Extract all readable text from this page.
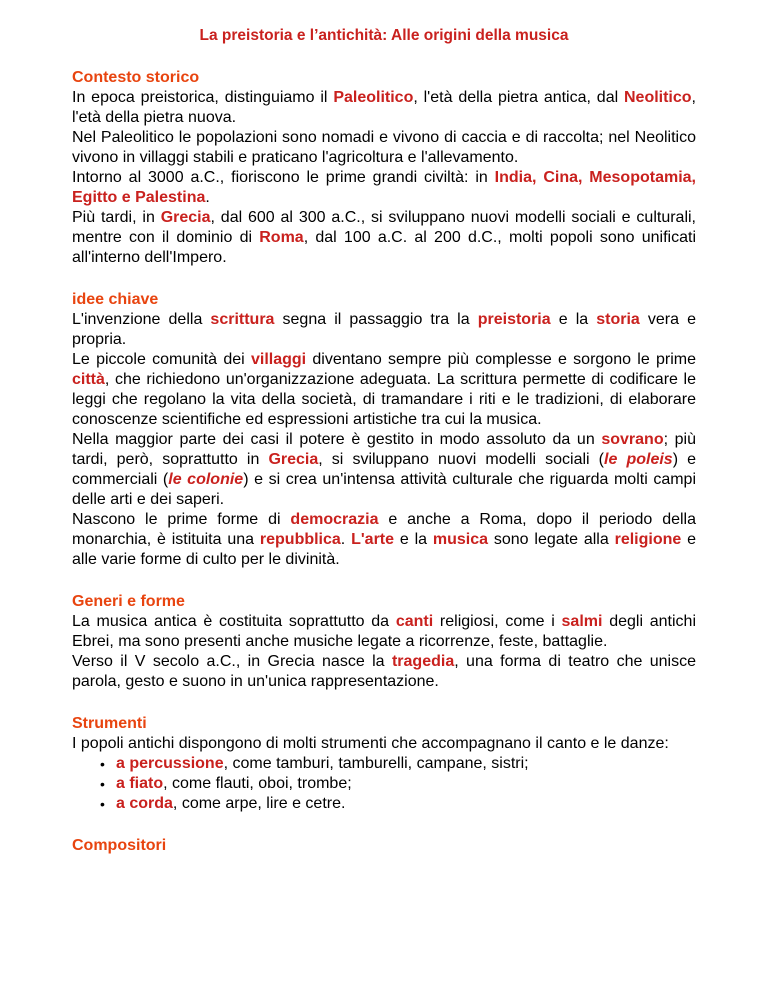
La preistoria e l’antichità: Alle origini della musica
Contesto storico

In epoca preistorica, distinguiamo il Paleolitico, l'età della pietra antica, dal Neolitico, l'età della pietra nuova.

Nel Paleolitico le popolazioni sono nomadi e vivono di caccia e di raccolta; nel Neolitico vivono in villaggi stabili e praticano l'agricoltura e l'allevamento.

Intorno al 3000 a.C., fioriscono le prime grandi civiltà: in India, Cina, Mesopotamia, Egitto e Palestina.

Più tardi, in Grecia, dal 600 al 300 a.C., si sviluppano nuovi modelli sociali e culturali, mentre con il dominio di Roma, dal 100 a.C. al 200 d.C., molti popoli sono unificati all'interno dell'Impero.

idee chiave

L'invenzione della scrittura segna il passaggio tra la preistoria e la storia vera e propria.

Le piccole comunità dei villaggi diventano sempre più complesse e sorgono le prime città, che richiedono un'organizzazione adeguata. La scrittura permette di codificare le leggi che regolano la vita della società, di tramandare i riti e le tradizioni, di elaborare conoscenze scientifiche ed espressioni artistiche tra cui la musica.

Nella maggior parte dei casi il potere è gestito in modo assoluto da un sovrano; più tardi, però, soprattutto in Grecia, si sviluppano nuovi modelli sociali (le poleis) e commerciali (le colonie) e si crea un'intensa attività culturale che riguarda molti campi delle arti e dei saperi.

Nascono le prime forme di democrazia e anche a Roma, dopo il periodo della monarchia, è istituita una repubblica. L'arte e la musica sono legate alla religione e alle varie forme di culto per le divinità.

Generi e forme

La musica antica è costituita soprattutto da canti religiosi, come i salmi degli antichi Ebrei, ma sono presenti anche musiche legate a ricorrenze, feste, battaglie.

Verso il V secolo a.C., in Grecia nasce la tragedia, una forma di teatro che unisce parola, gesto e suono in un'unica rappresentazione.

Strumenti

I popoli antichi dispongono di molti strumenti che accompagnano il canto e le danze:

• a percussione, come tamburi, tamburelli, campane, sistri;
• a fiato, come flauti, oboi, trombe;
• a corda, come arpe, lire e cetre.
Compositori
